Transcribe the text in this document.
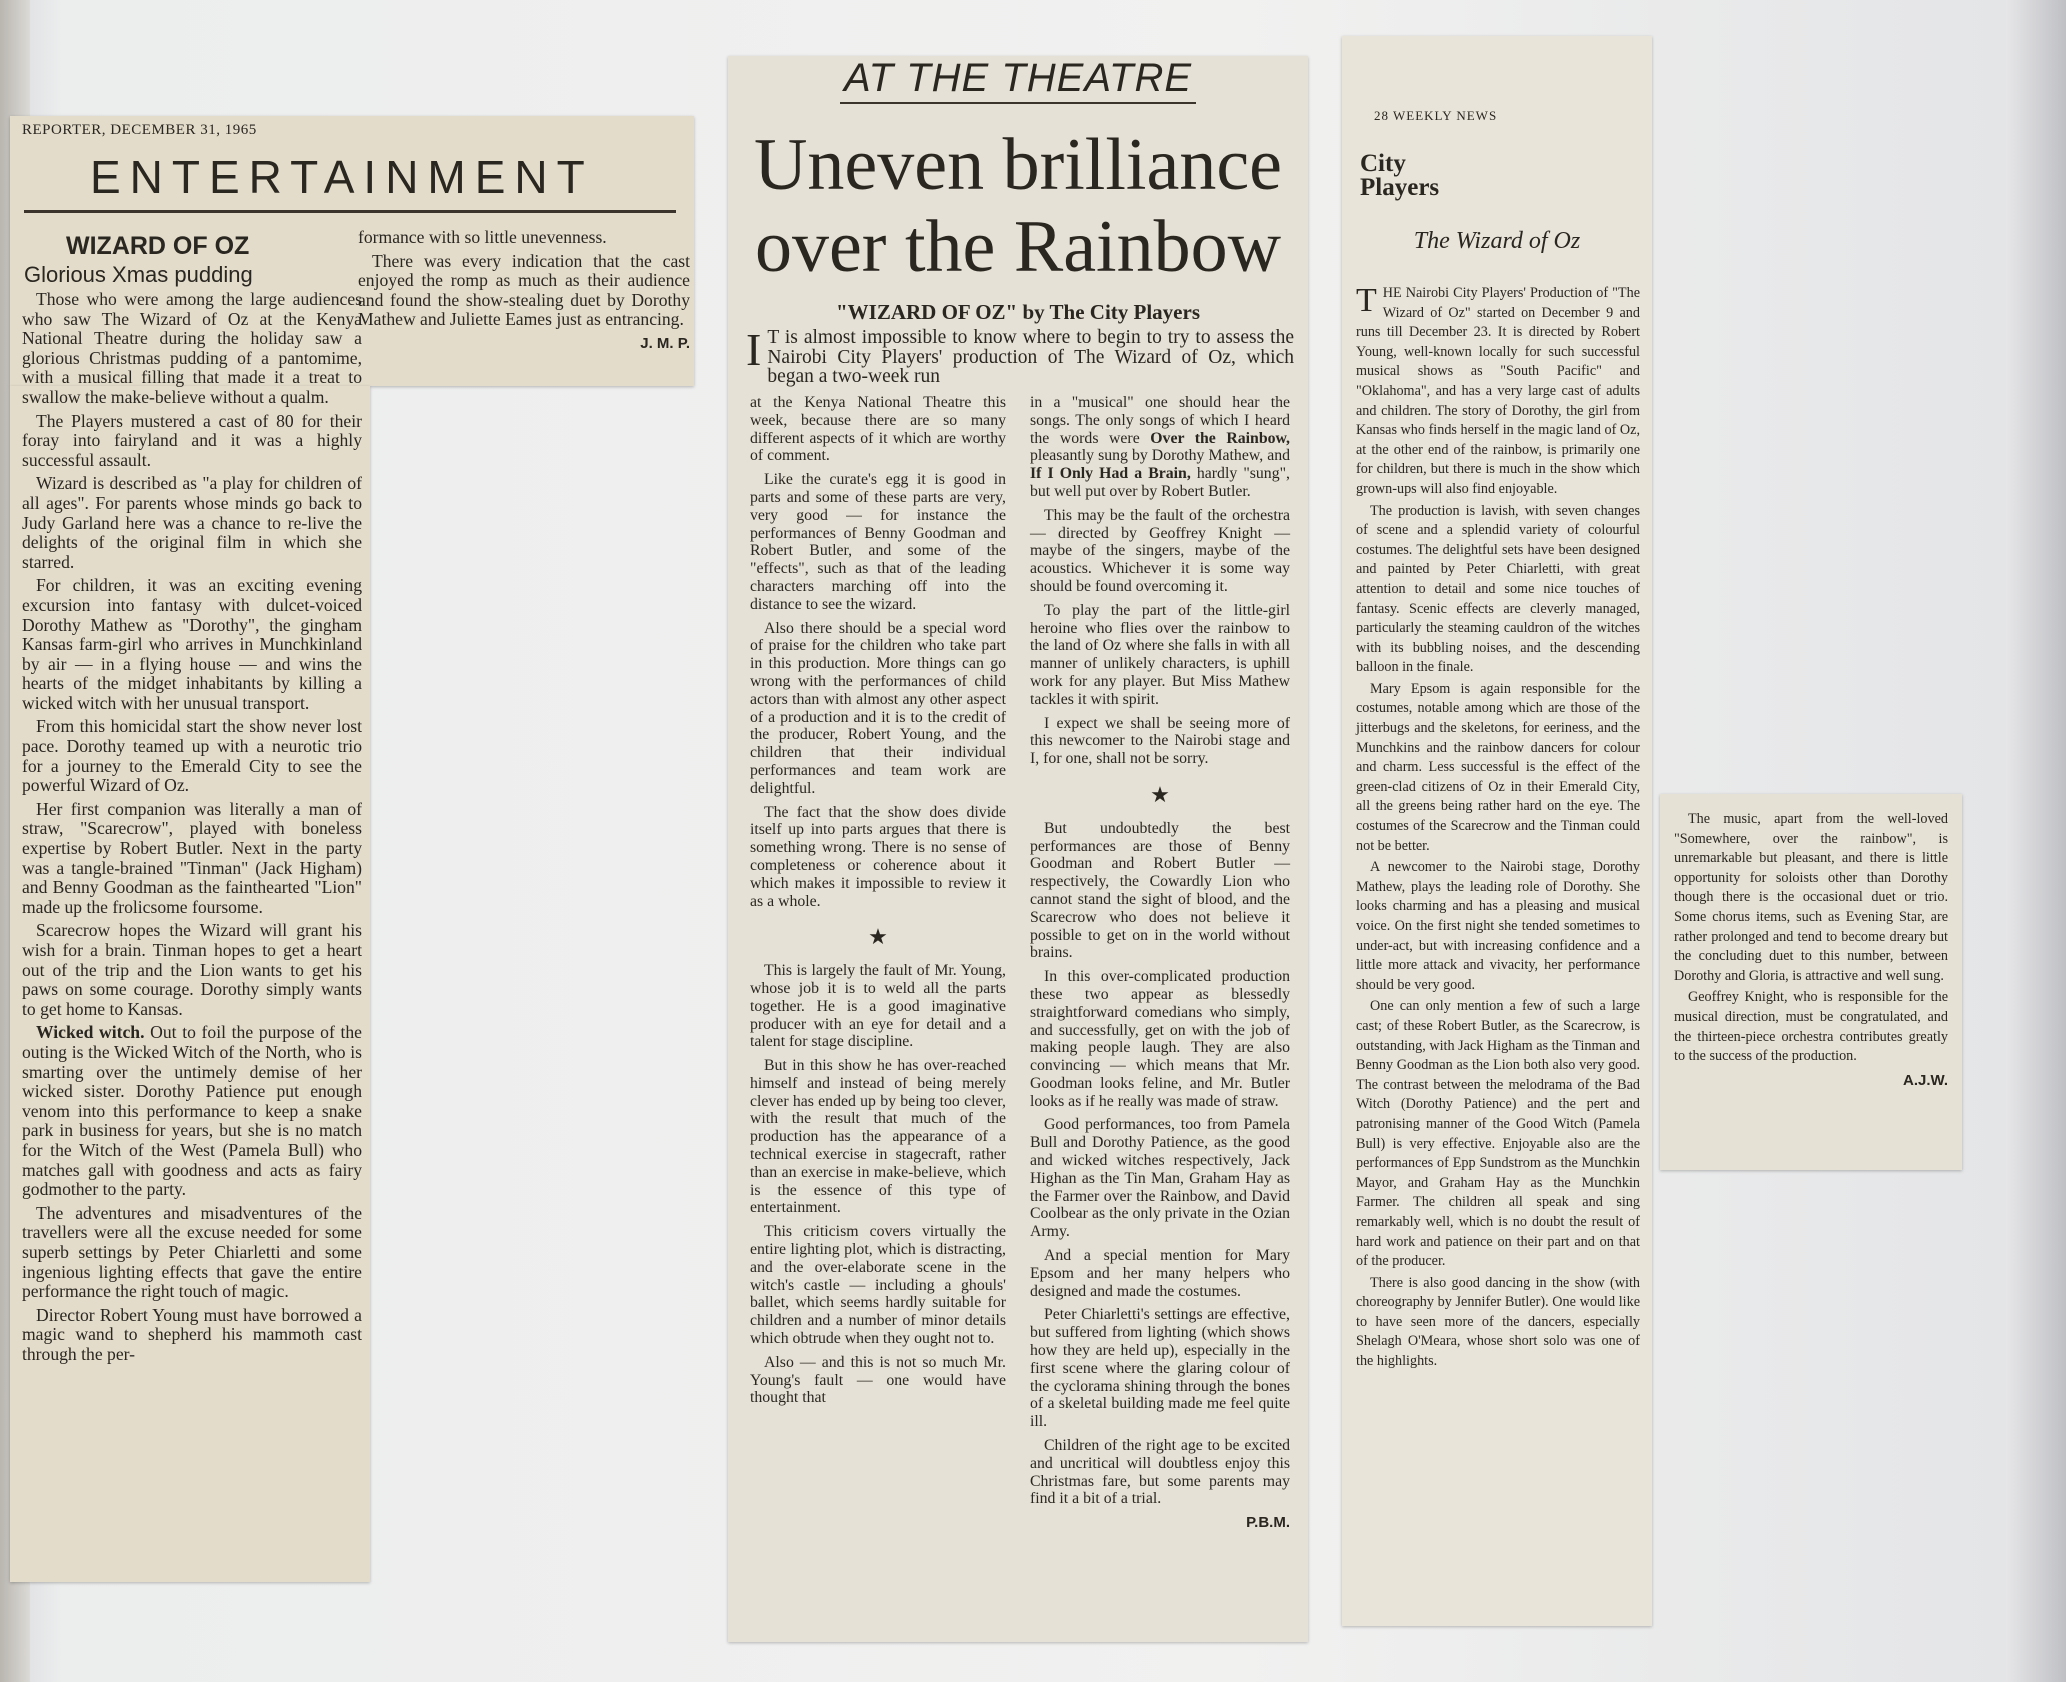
REPORTER, DECEMBER 31, 1965
ENTERTAINMENT
WIZARD OF OZ
Glorious Xmas pudding

formance with so little unevenness.

There was every indication that the cast enjoyed the romp as much as their audience and found the show-stealing duet by Dorothy Mathew and Juliette Eames just as entrancing.

J. M. P.

Those who were among the large audiences who saw The Wizard of Oz at the Kenya National Theatre during the holiday saw a glorious Christmas pudding of a pantomime, with a musical filling that made it a treat to swallow the make-believe without a qualm.

The Players mustered a cast of 80 for their foray into fairyland and it was a highly successful assault.

Wizard is described as "a play for children of all ages". For parents whose minds go back to Judy Garland here was a chance to re-live the delights of the original film in which she starred.

For children, it was an exciting evening excursion into fantasy with dulcet-voiced Dorothy Mathew as "Dorothy", the gingham Kansas farm-girl who arrives in Munchkinland by air — in a flying house — and wins the hearts of the midget inhabitants by killing a wicked witch with her unusual transport.

From this homicidal start the show never lost pace. Dorothy teamed up with a neurotic trio for a journey to the Emerald City to see the powerful Wizard of Oz.

Her first companion was literally a man of straw, "Scarecrow", played with boneless expertise by Robert Butler. Next in the party was a tangle-brained "Tinman" (Jack Higham) and Benny Goodman as the fainthearted "Lion" made up the frolicsome foursome.

Scarecrow hopes the Wizard will grant his wish for a brain. Tinman hopes to get a heart out of the trip and the Lion wants to get his paws on some courage. Dorothy simply wants to get home to Kansas.

Wicked witch. Out to foil the purpose of the outing is the Wicked Witch of the North, who is smarting over the untimely demise of her wicked sister. Dorothy Patience put enough venom into this performance to keep a snake park in business for years, but she is no match for the Witch of the West (Pamela Bull) who matches gall with goodness and acts as fairy godmother to the party.

The adventures and misadventures of the travellers were all the excuse needed for some superb settings by Peter Chiarletti and some ingenious lighting effects that gave the entire performance the right touch of magic.

Director Robert Young must have borrowed a magic wand to shepherd his mammoth cast through the per-

AT THE THEATRE
Uneven brilliance
over the Rainbow
"WIZARD OF OZ" by The City Players
I T is almost impossible to know where to begin to try to assess the Nairobi City Players' production of The Wizard of Oz, which began a two-week run

at the Kenya National Theatre this week, because there are so many different aspects of it which are worthy of comment.

Like the curate's egg it is good in parts and some of these parts are very, very good — for instance the performances of Benny Goodman and Robert Butler, and some of the "effects", such as that of the leading characters marching off into the distance to see the wizard.

Also there should be a special word of praise for the children who take part in this production. More things can go wrong with the performances of child actors than with almost any other aspect of a production and it is to the credit of the producer, Robert Young, and the children that their individual performances and team work are delightful.

The fact that the show does divide itself up into parts argues that there is something wrong. There is no sense of completeness or coherence about it which makes it impossible to review it as a whole.

★

This is largely the fault of Mr. Young, whose job it is to weld all the parts together. He is a good imaginative producer with an eye for detail and a talent for stage discipline.

But in this show he has over-reached himself and instead of being merely clever has ended up by being too clever, with the result that much of the production has the appearance of a technical exercise in stagecraft, rather than an exercise in make-believe, which is the essence of this type of entertainment.

This criticism covers virtually the entire lighting plot, which is distracting, and the over-elaborate scene in the witch's castle — including a ghouls' ballet, which seems hardly suitable for children and a number of minor details which obtrude when they ought not to.

Also — and this is not so much Mr. Young's fault — one would have thought that

in a "musical" one should hear the songs. The only songs of which I heard the words were Over the Rainbow, pleasantly sung by Dorothy Mathew, and If I Only Had a Brain, hardly "sung", but well put over by Robert Butler.

This may be the fault of the orchestra — directed by Geoffrey Knight — maybe of the singers, maybe of the acoustics. Whichever it is some way should be found overcoming it.

To play the part of the little-girl heroine who flies over the rainbow to the land of Oz where she falls in with all manner of unlikely characters, is uphill work for any player. But Miss Mathew tackles it with spirit.

I expect we shall be seeing more of this newcomer to the Nairobi stage and I, for one, shall not be sorry.

★

But undoubtedly the best performances are those of Benny Goodman and Robert Butler — respectively, the Cowardly Lion who cannot stand the sight of blood, and the Scarecrow who does not believe it possible to get on in the world without brains.

In this over-complicated production these two appear as blessedly straightforward comedians who simply, and successfully, get on with the job of making people laugh. They are also convincing — which means that Mr. Goodman looks feline, and Mr. Butler looks as if he really was made of straw.

Good performances, too from Pamela Bull and Dorothy Patience, as the good and wicked witches respectively, Jack Highan as the Tin Man, Graham Hay as the Farmer over the Rainbow, and David Coolbear as the only private in the Ozian Army.

And a special mention for Mary Epsom and her many helpers who designed and made the costumes.

Peter Chiarletti's settings are effective, but suffered from lighting (which shows how they are held up), especially in the first scene where the glaring colour of the cyclorama shining through the bones of a skeletal building made me feel quite ill.

Children of the right age to be excited and uncritical will doubtless enjoy this Christmas fare, but some parents may find it a bit of a trial.

P.B.M.
28 WEEKLY NEWS
City
Players
The Wizard of Oz

THE Nairobi City Players' Production of "The Wizard of Oz" started on December 9 and runs till December 23. It is directed by Robert Young, well-known locally for such successful musical shows as "South Pacific" and "Oklahoma", and has a very large cast of adults and children. The story of Dorothy, the girl from Kansas who finds herself in the magic land of Oz, at the other end of the rainbow, is primarily one for children, but there is much in the show which grown-ups will also find enjoyable.

The production is lavish, with seven changes of scene and a splendid variety of colourful costumes. The delightful sets have been designed and painted by Peter Chiarletti, with great attention to detail and some nice touches of fantasy. Scenic effects are cleverly managed, particularly the steaming cauldron of the witches with its bubbling noises, and the descending balloon in the finale.

Mary Epsom is again responsible for the costumes, notable among which are those of the jitterbugs and the skeletons, for eeriness, and the Munchkins and the rainbow dancers for colour and charm. Less successful is the effect of the green-clad citizens of Oz in their Emerald City, all the greens being rather hard on the eye. The costumes of the Scarecrow and the Tinman could not be better.

A newcomer to the Nairobi stage, Dorothy Mathew, plays the leading role of Dorothy. She looks charming and has a pleasing and musical voice. On the first night she tended sometimes to under-act, but with increasing confidence and a little more attack and vivacity, her performance should be very good.

One can only mention a few of such a large cast; of these Robert Butler, as the Scarecrow, is outstanding, with Jack Higham as the Tinman and Benny Goodman as the Lion both also very good. The contrast between the melodrama of the Bad Witch (Dorothy Patience) and the pert and patronising manner of the Good Witch (Pamela Bull) is very effective. Enjoyable also are the performances of Epp Sundstrom as the Munchkin Mayor, and Graham Hay as the Munchkin Farmer. The children all speak and sing remarkably well, which is no doubt the result of hard work and patience on their part and on that of the producer.

There is also good dancing in the show (with choreography by Jennifer Butler). One would like to have seen more of the dancers, especially Shelagh O'Meara, whose short solo was one of the highlights.

The music, apart from the well-loved "Somewhere, over the rainbow", is unremarkable but pleasant, and there is little opportunity for soloists other than Dorothy though there is the occasional duet or trio. Some chorus items, such as Evening Star, are rather prolonged and tend to become dreary but the concluding duet to this number, between Dorothy and Gloria, is attractive and well sung.

Geoffrey Knight, who is responsible for the musical direction, must be congratulated, and the thirteen-piece orchestra contributes greatly to the success of the production.

A.J.W.
